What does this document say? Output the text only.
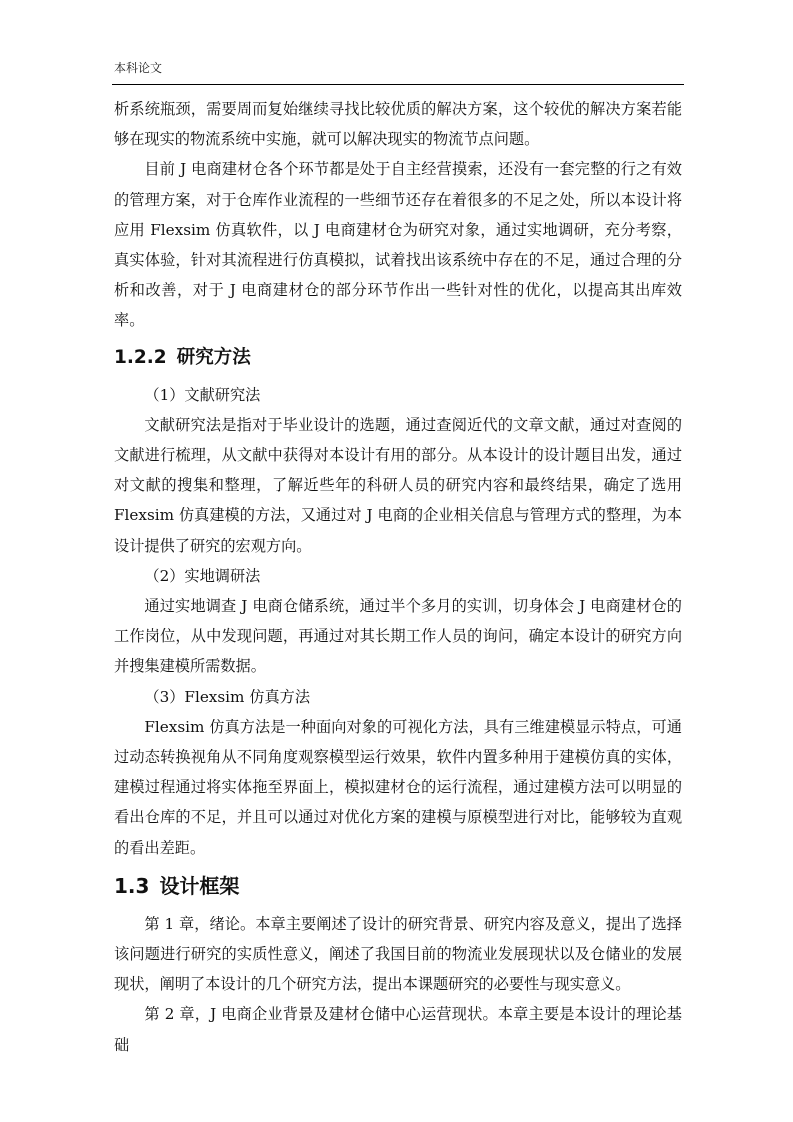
本科论文

析系统瓶颈，需要周而复始继续寻找比较优质的解决方案，这个较优的解决方案若能够在现实的物流系统中实施，就可以解决现实的物流节点问题。

目前 J 电商建材仓各个环节都是处于自主经营摸索，还没有一套完整的行之有效的管理方案，对于仓库作业流程的一些细节还存在着很多的不足之处，所以本设计将应用 Flexsim 仿真软件，以 J 电商建材仓为研究对象，通过实地调研，充分考察，真实体验，针对其流程进行仿真模拟，试着找出该系统中存在的不足，通过合理的分析和改善，对于 J 电商建材仓的部分环节作出一些针对性的优化，以提高其出库效率。

1.2.2 研究方法

（1）文献研究法

文献研究法是指对于毕业设计的选题，通过查阅近代的文章文献，通过对查阅的文献进行梳理，从文献中获得对本设计有用的部分。从本设计的设计题目出发，通过对文献的搜集和整理，了解近些年的科研人员的研究内容和最终结果，确定了选用 Flexsim 仿真建模的方法，又通过对 J 电商的企业相关信息与管理方式的整理，为本设计提供了研究的宏观方向。

（2）实地调研法

通过实地调查 J 电商仓储系统，通过半个多月的实训，切身体会 J 电商建材仓的工作岗位，从中发现问题，再通过对其长期工作人员的询问，确定本设计的研究方向并搜集建模所需数据。

（3）Flexsim 仿真方法

Flexsim 仿真方法是一种面向对象的可视化方法，具有三维建模显示特点，可通过动态转换视角从不同角度观察模型运行效果，软件内置多种用于建模仿真的实体，建模过程通过将实体拖至界面上，模拟建材仓的运行流程，通过建模方法可以明显的看出仓库的不足，并且可以通过对优化方案的建模与原模型进行对比，能够较为直观的看出差距。

1.3 设计框架

第 1 章，绪论。本章主要阐述了设计的研究背景、研究内容及意义，提出了选择该问题进行研究的实质性意义，阐述了我国目前的物流业发展现状以及仓储业的发展现状，阐明了本设计的几个研究方法，提出本课题研究的必要性与现实意义。

第 2 章，J 电商企业背景及建材仓储中心运营现状。本章主要是本设计的理论基础
